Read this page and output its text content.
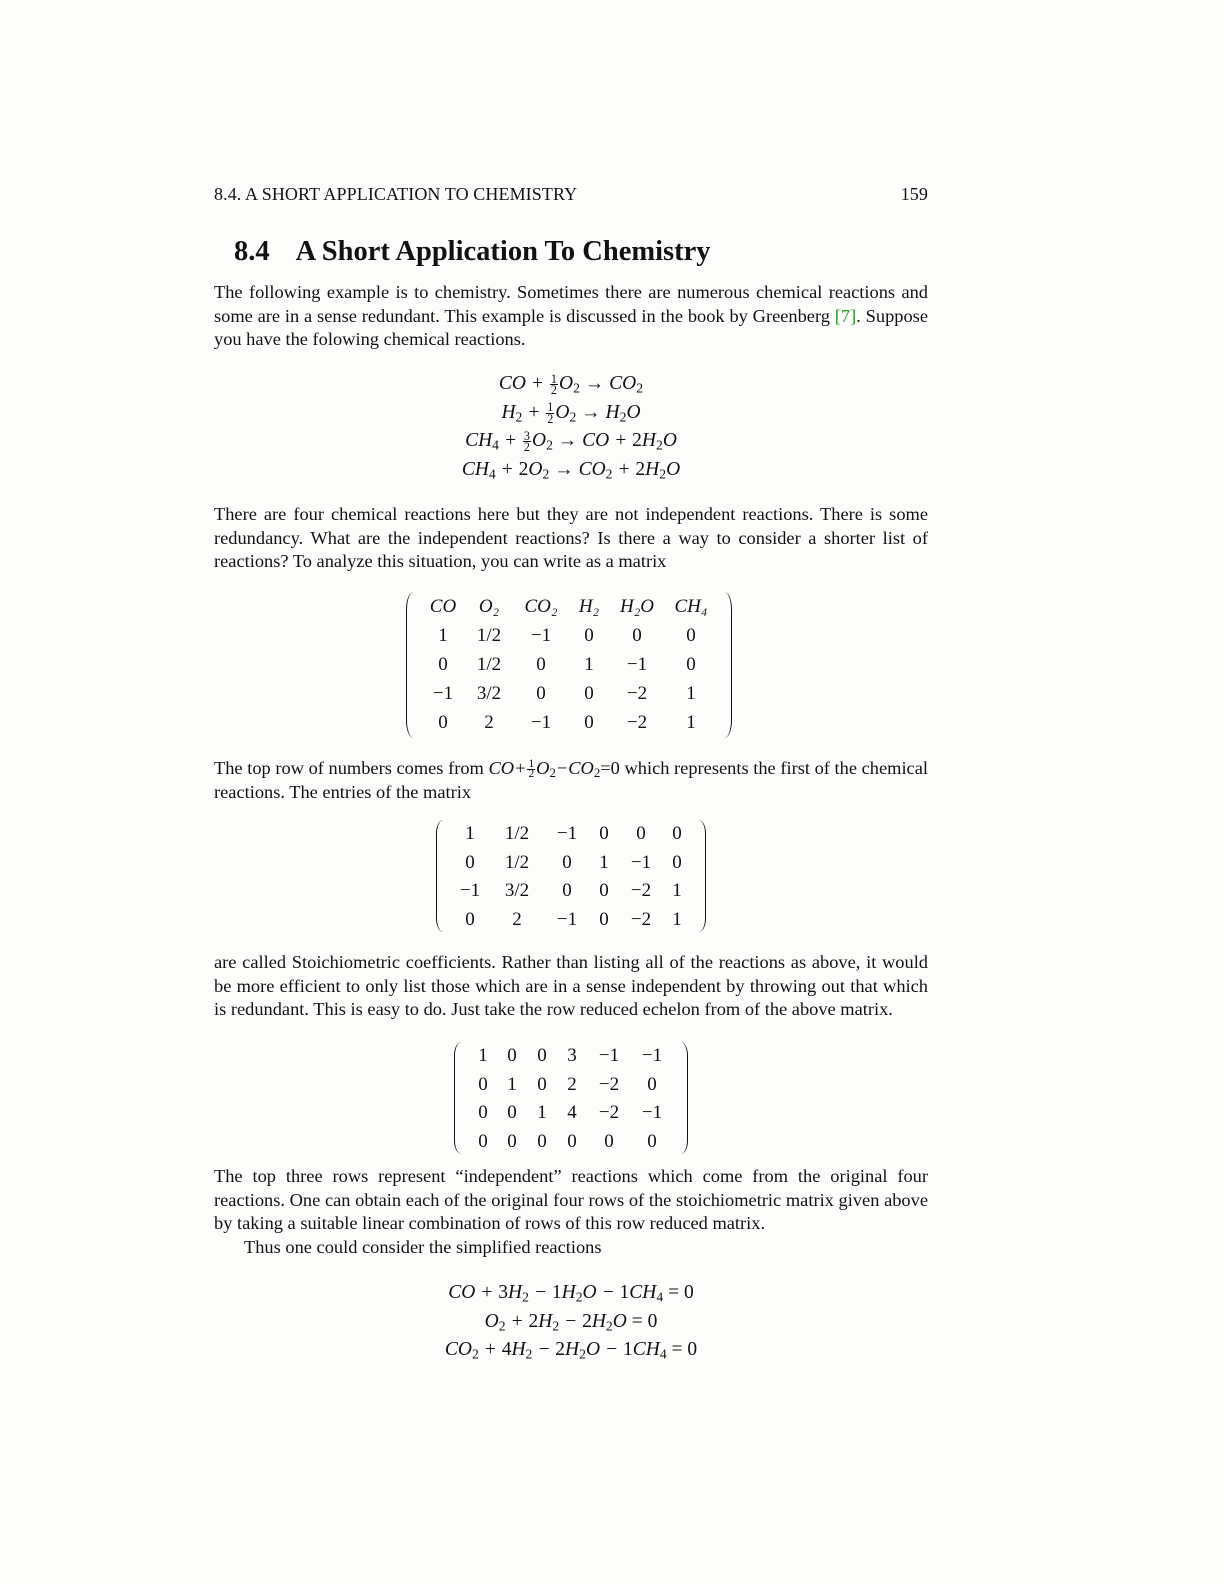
8.4. A SHORT APPLICATION TO CHEMISTRY	159
8.4 A Short Application To Chemistry
The following example is to chemistry. Sometimes there are numerous chemical reactions and some are in a sense redundant. This example is discussed in the book by Greenberg [7]. Suppose you have the folowing chemical reactions.
CO + $\frac{1}{2} O_2 \to CO_2$
$H_2 + \frac{1}{2} O_2 \to H_2O$
$CH_4 + \frac{3}{2} O_2$ → CO + $2H_2O$
$CH_4 + 2O_2 \to CO_2 + 2H_2O$
There are four chemical reactions here but they are not independent reactions. There is some redundancy. What are the independent reactions? Is there a way to consider a shorter list of reactions? To analyze this situation, you can write as a matrix
CO	O₂	CO₂	H₂	H₂O	CH₄
1	1/2	−1	0	0	0
0	1/2	0	1	−1	0
−1	3/2	0	0	−2	1
0	2	−1	0	−2	1
The top row of numbers comes from $CO+ \frac{1}{2} O_2-CO_2=0$ which represents the first of the chemical reactions. The entries of the matrix
1	1/2	−1	0	0	0
0	1/2	0	1	−1	0
−1	3/2	0	0	−2	1
0	2	−1	0	−2	1
are called Stoichiometric coefficients. Rather than listing all of the reactions as above, it would be more efficient to only list those which are in a sense independent by throwing out that which is redundant. This is easy to do. Just take the row reduced echelon from of the above matrix.
1	0	0	3	−1	−1
0	1	0	2	−2	0
0	0	1	4	−2	−1
0	0	0	0	0	0
The top three rows represent “independent” reactions which come from the original four reactions. One can obtain each of the original four rows of the stoichiometric matrix given above by taking a suitable linear combination of rows of this row reduced matrix.
Thus one could consider the simplified reactions
CO + $3H_2 - 1H_2O - 1CH_4 = 0$
$O_2 + 2H_2 - 2H_2O = 0$
$CO_2 + 4H_2 - 2H_2O - 1CH_4 = 0$
